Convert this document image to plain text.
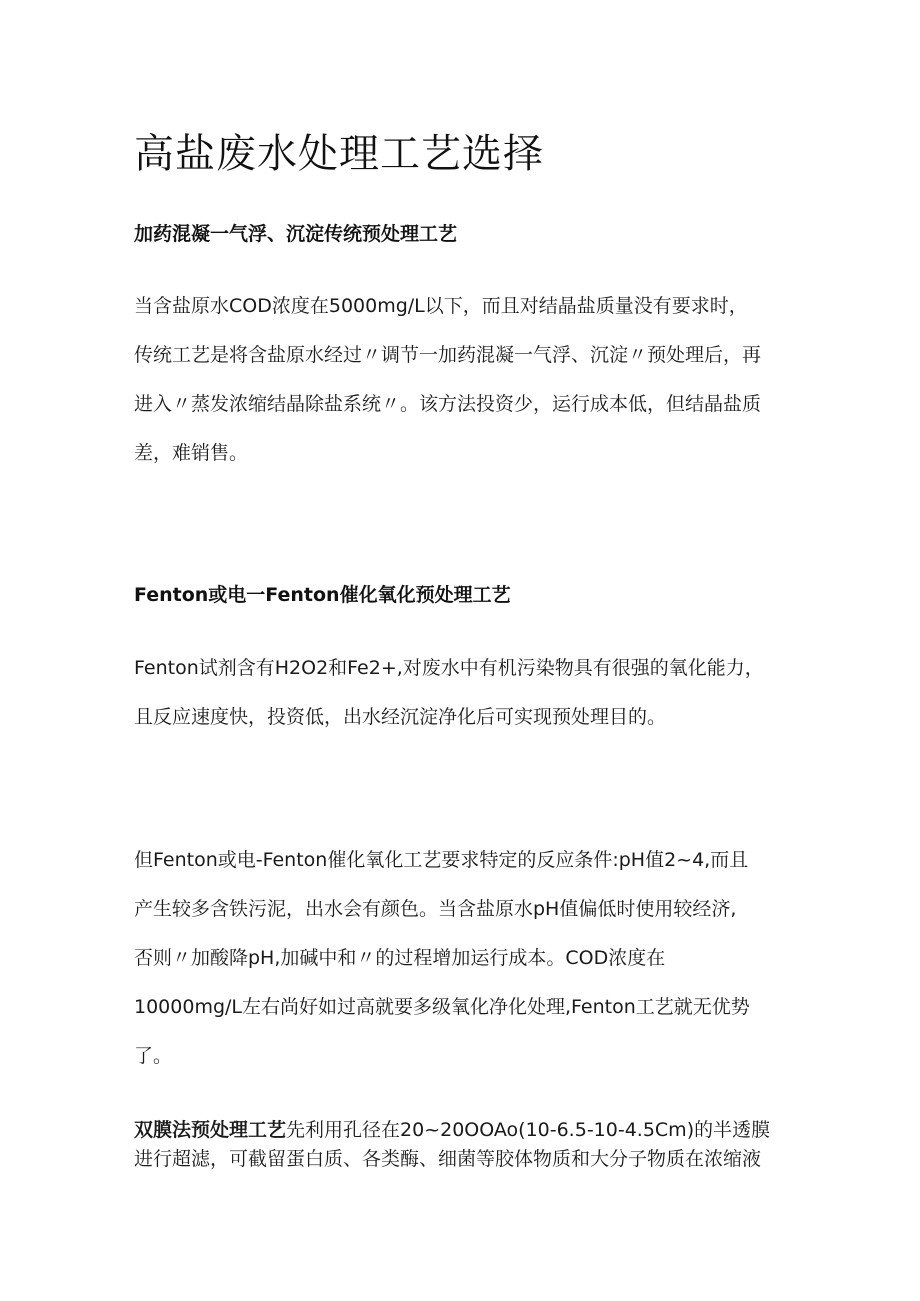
高盐废水处理工艺选择
加药混凝一气浮、沉淀传统预处理工艺

当含盐原水COD浓度在5000mg/L以下，而且对结晶盐质量没有要求时，
传统工艺是将含盐原水经过〃调节一加药混凝一气浮、沉淀〃预处理后，再
进入〃蒸发浓缩结晶除盐系统〃。该方法投资少，运行成本低，但结晶盐质
差，难销售。

Fenton或电一Fenton催化氧化预处理工艺

Fenton试剂含有H2O2和Fe2+,对废水中有机污染物具有很强的氧化能力，
且反应速度快，投资低，出水经沉淀净化后可实现预处理目的。

但Fenton或电-Fenton催化氧化工艺要求特定的反应条件:pH值2~4,而且
产生较多含铁污泥，出水会有颜色。当含盐原水pH值偏低时使用较经济,
否则〃加酸降pH,加碱中和〃的过程增加运行成本。COD浓度在
10000mg/L左右尚好如过高就要多级氧化净化处理,Fenton工艺就无优势
了。

双膜法预处理工艺先利用孔径在20~20OOAo(10-6.5-10-4.5Cm)的半透膜
进行超滤，可截留蛋白质、各类酶、细菌等胶体物质和大分子物质在浓缩液
